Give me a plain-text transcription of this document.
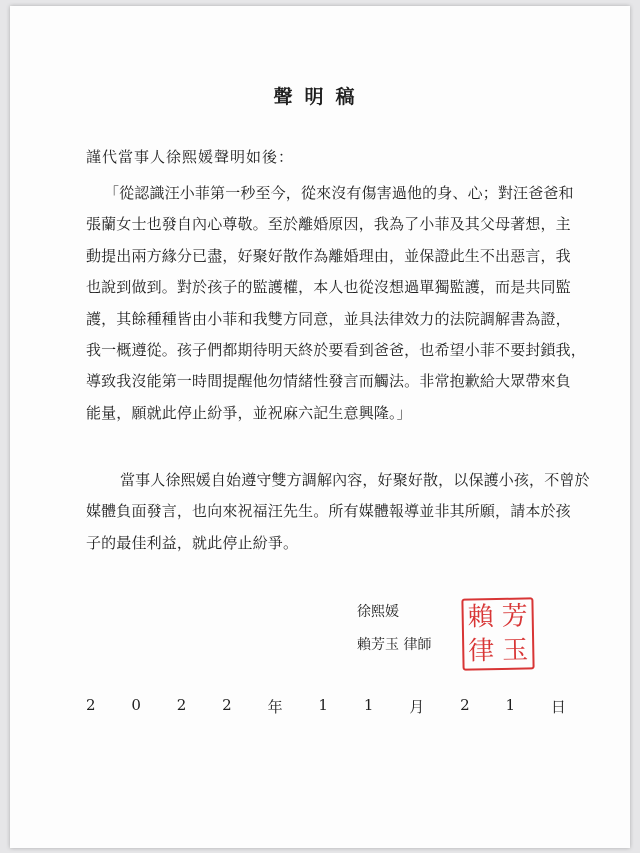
聲明稿
謹代當事人徐熙媛聲明如後：
「從認識汪小菲第一秒至今，從來沒有傷害過他的身、心；對汪爸爸和
張蘭女士也發自內心尊敬。至於離婚原因，我為了小菲及其父母著想，主
動提出兩方緣分已盡，好聚好散作為離婚理由，並保證此生不出惡言，我
也說到做到。對於孩子的監護權，本人也從沒想過單獨監護，而是共同監
護，其餘種種皆由小菲和我雙方同意，並具法律效力的法院調解書為證，
我一概遵從。孩子們都期待明天終於要看到爸爸，也希望小菲不要封鎖我，
導致我沒能第一時間提醒他勿情緒性發言而觸法。非常抱歉給大眾帶來負
能量，願就此停止紛爭，並祝麻六記生意興隆。」
當事人徐熙媛自始遵守雙方調解內容，好聚好散，以保護小孩，不曾於
媒體負面發言，也向來祝福汪先生。所有媒體報導並非其所願，請本於孩
子的最佳利益，就此停止紛爭。
徐熙媛
賴芳玉 律師
賴 芳
律 玉
2 0 2 2 年 1 1 月 2 1 日
